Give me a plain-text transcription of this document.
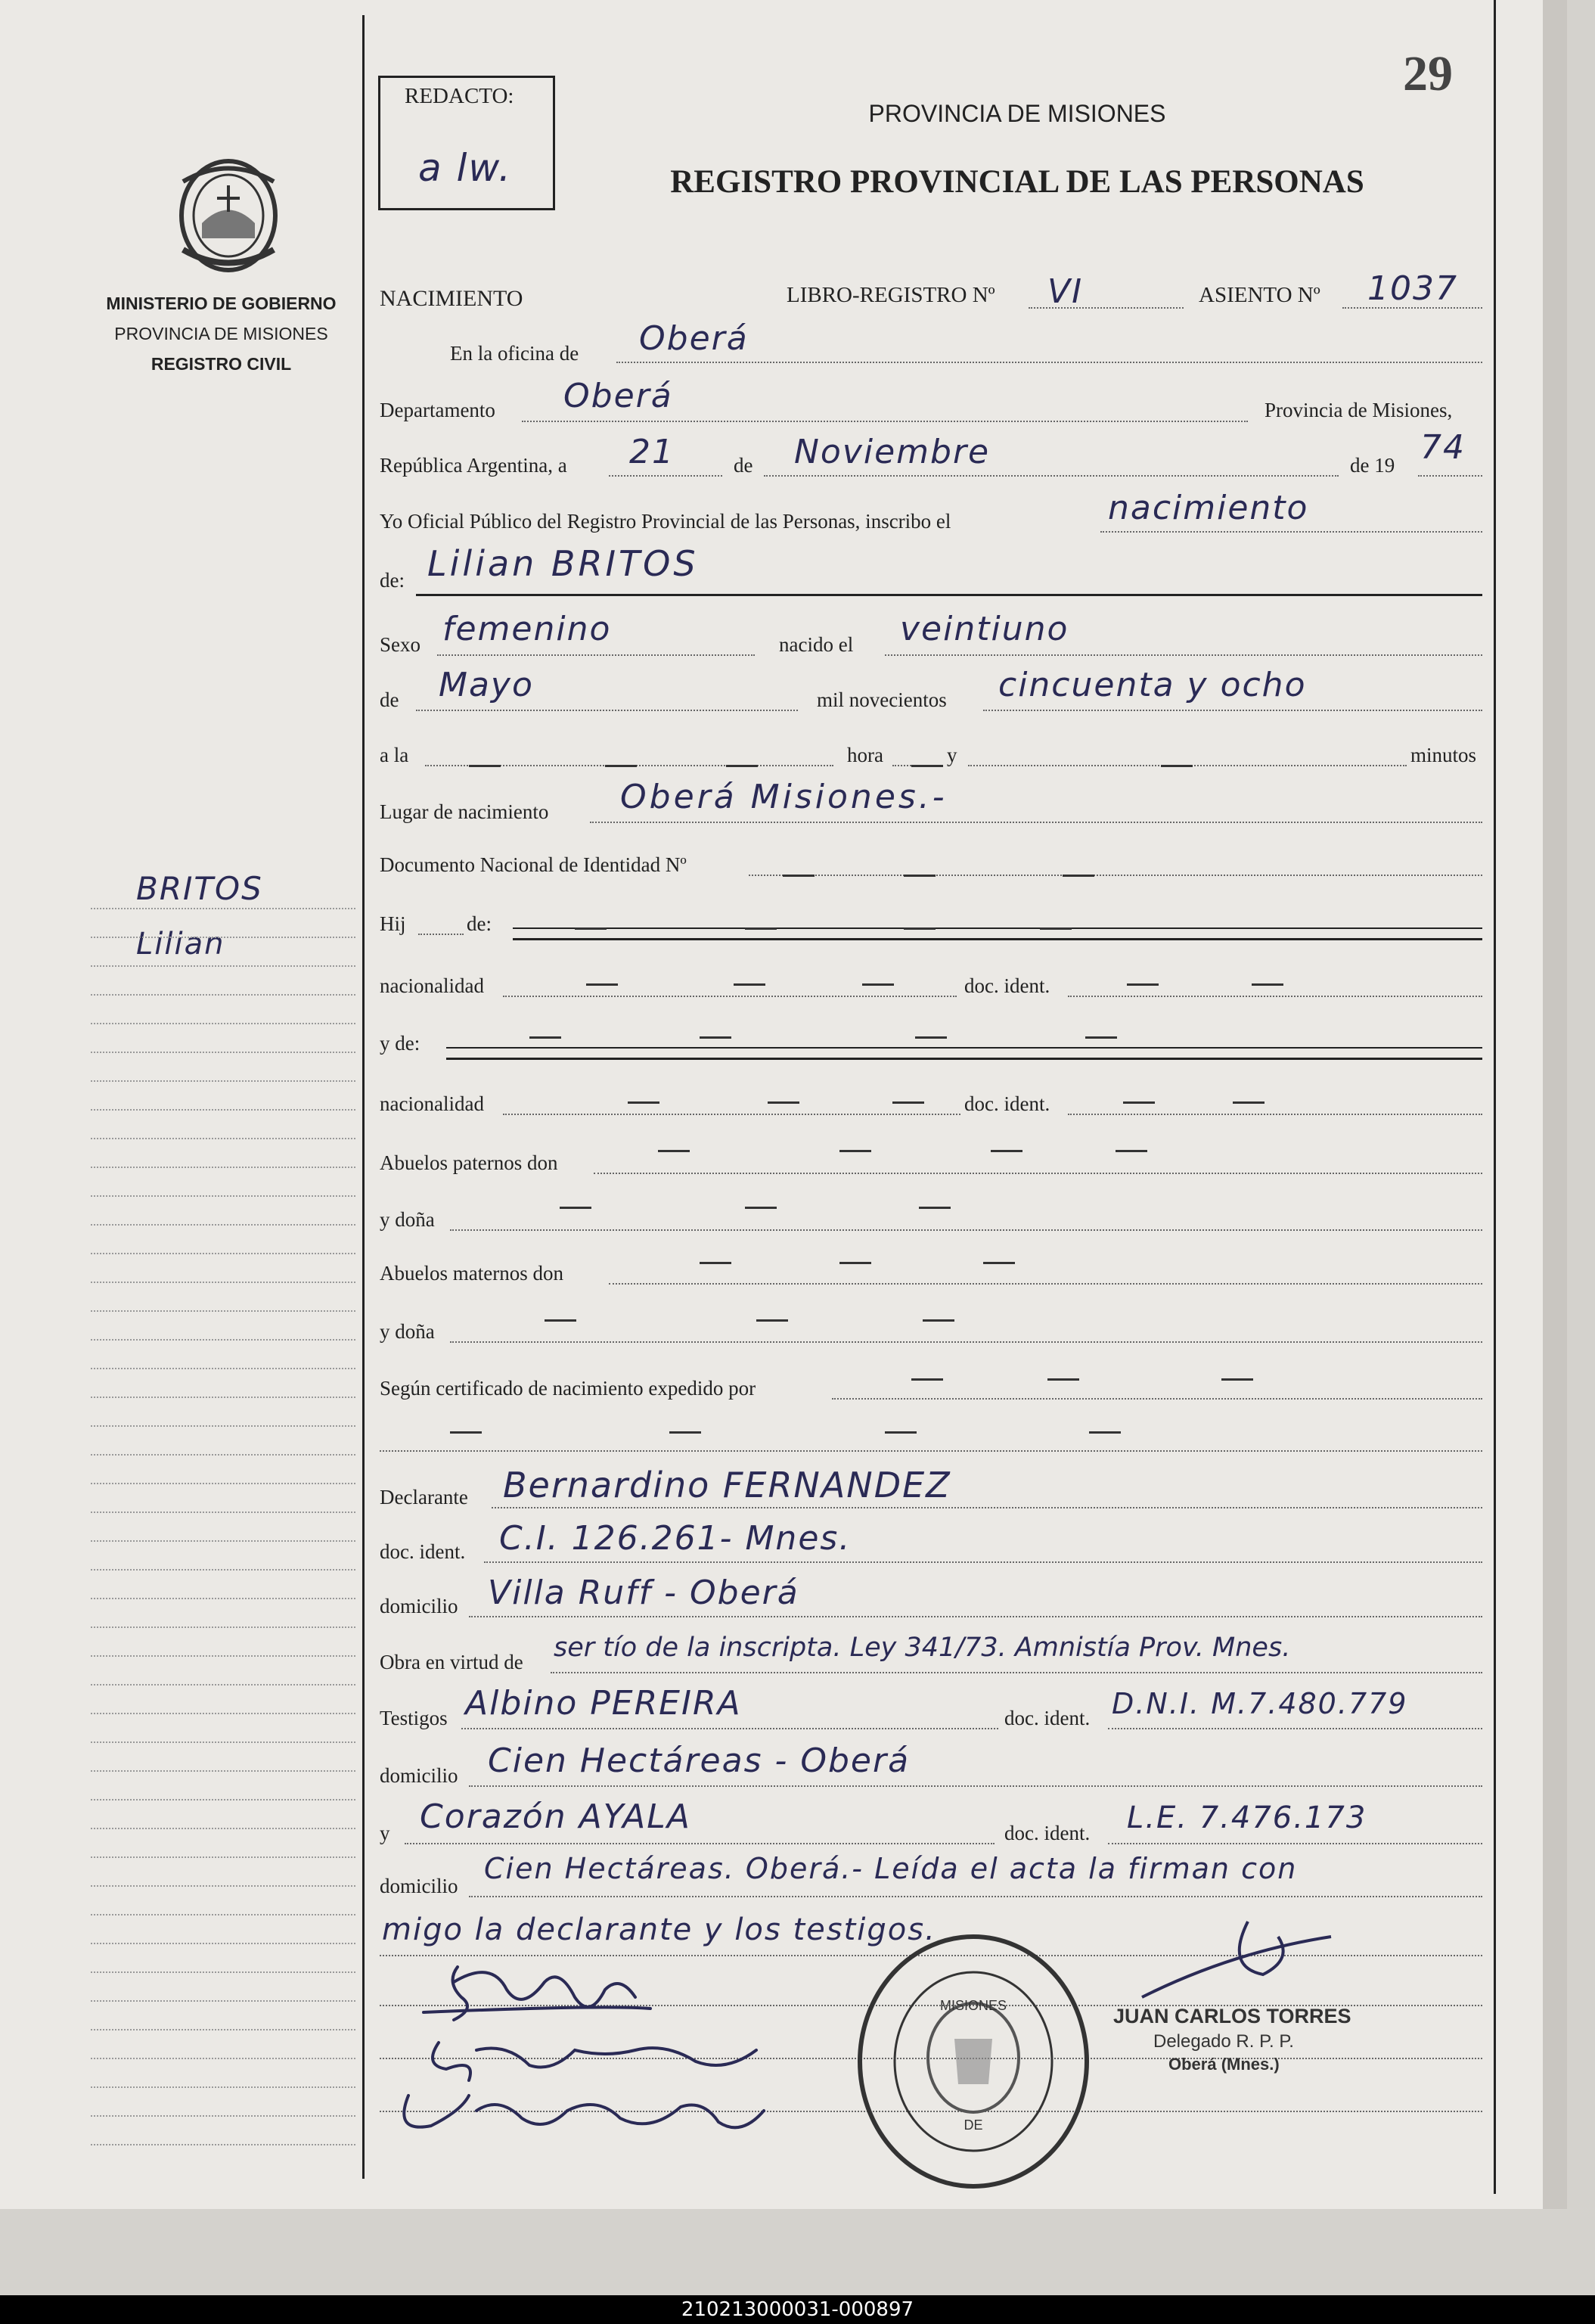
MINISTERIO DE GOBIERNO
PROVINCIA DE MISIONES
REGISTRO CIVIL
BRITOS
Lilian
REDACTO:
a lw.
29
PROVINCIA DE MISIONES
REGISTRO PROVINCIAL DE LAS PERSONAS
NACIMIENTO	LIBRO-REGISTRO Nº VI	ASIENTO Nº 1037
En la oficina de Oberá
Departamento Oberá	Provincia de Misiones,
República Argentina, a 21	de Noviembre	de 19 74
Yo Oficial Público del Registro Provincial de las Personas, inscribo el	nacimiento
de: Lilian BRITOS
Sexo femenino	nacido el veintiuno
de Mayo	mil novecientos cincuenta y ocho
a la	hora	y	minutos
Lugar de nacimiento Oberá Misiones.-
Documento Nacional de Identidad Nº
Hij	de:
nacionalidad	doc. ident.
y de:
nacionalidad	doc. ident.
Abuelos paternos don
y doña
Abuelos maternos don
y doña
Según certificado de nacimiento expedido por
Declarante Bernardino FERNANDEZ
doc. ident. C.I. 126.261- Mnes.
domicilio Villa Ruff - Oberá
Obra en virtud de ser tío de la inscripta. Ley 341/73. Amnistía Prov. Mnes.
Testigos Albino PEREIRA	doc. ident. D.N.I. M.7.480.779
domicilio Cien Hectáreas - Oberá
y Corazón AYALA	doc. ident. L.E. 7.476.173
domicilio
Cien Hectáreas. Oberá.- Leída el acta la firman con
migo la declarante y los testigos.
MISIONES
DE
JUAN CARLOS TORRES
Delegado R. P. P.
Oberá (Mnes.)
210213000031-000897
